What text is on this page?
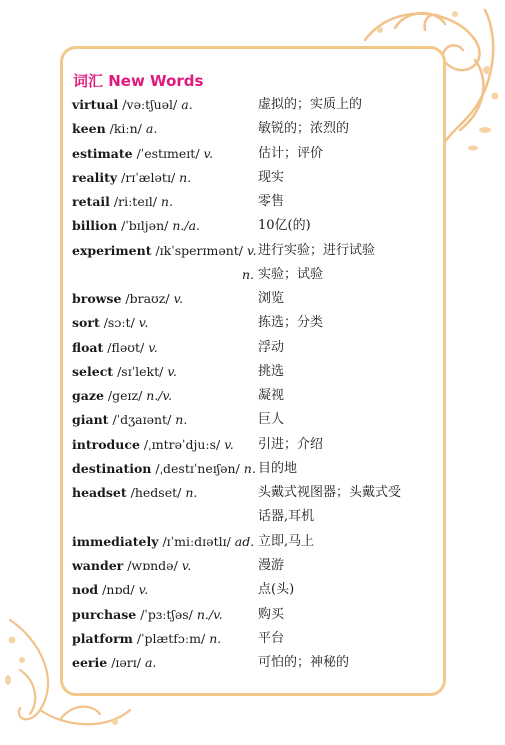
词汇 New Words
virtual /vəːtʃuəl/ a.	虚拟的；实质上的
keen /kiːn/ a.	敏锐的；浓烈的
estimate /ˈestɪmeɪt/ v.	估计；评价
reality /rɪˈælətɪ/ n.	现实
retail /riːteɪl/ n.	零售
billion /ˈbɪljən/ n./a.	10亿(的)
experiment /ɪkˈsperɪmənt/ v. 进行实验；进行试验
n. 实验；试验
browse /braʊz/ v.	浏览
sort /sɔːt/ v.	拣选；分类
float /fləʊt/ v.	浮动
select /sɪˈlekt/ v.	挑选
gaze /geɪz/ n./v.	凝视
giant /ˈdʒaɪənt/ n.	巨人
introduce /ˌɪntrəˈdjuːs/ v. 引进；介绍
destination /ˌdestɪˈneɪʃən/ n. 目的地
headset /hedset/ n.	头戴式视图器；头戴式受
话器,耳机
immediately /ɪˈmiːdɪətlɪ/ ad. 立即,马上
wander /wɒndə/ v.	漫游
nod /nɒd/ v.	点(头)
purchase /ˈpɜːtʃəs/ n./v.	购买
platform /ˈplætfɔːm/ n.	平台
eerie /ɪərɪ/ a.	可怕的；神秘的
